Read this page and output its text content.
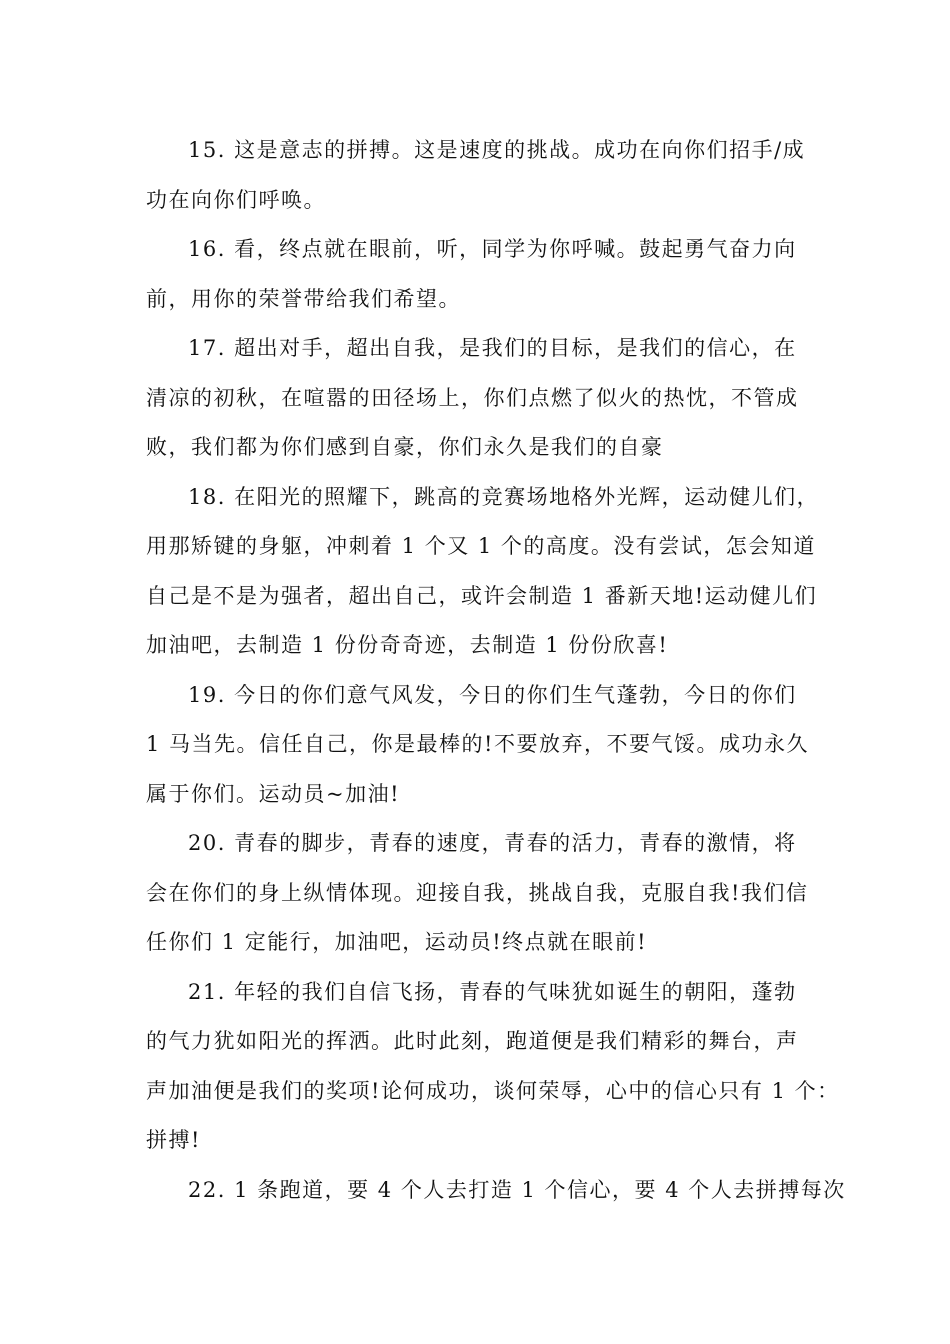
15. 这是意志的拼搏。这是速度的挑战。成功在向你们招手/成
功在向你们呼唤。

16. 看，终点就在眼前，听，同学为你呼喊。鼓起勇气奋力向
前，用你的荣誉带给我们希望。

17. 超出对手，超出自我，是我们的目标，是我们的信心，在
清凉的初秋，在喧嚣的田径场上，你们点燃了似火的热忱，不管成
败，我们都为你们感到自豪，你们永久是我们的自豪

18. 在阳光的照耀下，跳高的竞赛场地格外光辉，运动健儿们，
用那矫键的身躯，冲刺着 1 个又 1 个的高度。没有尝试，怎会知道
自己是不是为强者，超出自己，或许会制造 1 番新天地!运动健儿们
加油吧，去制造 1 份份奇奇迹，去制造 1 份份欣喜!

19. 今日的你们意气风发，今日的你们生气蓬勃，今日的你们
1 马当先。信任自己，你是最棒的!不要放弃，不要气馁。成功永久
属于你们。运动员~加油!

20. 青春的脚步，青春的速度，青春的活力，青春的激情，将
会在你们的身上纵情体现。迎接自我，挑战自我，克服自我!我们信
任你们 1 定能行，加油吧，运动员!终点就在眼前!

21. 年轻的我们自信飞扬，青春的气味犹如诞生的朝阳，蓬勃
的气力犹如阳光的挥洒。此时此刻，跑道便是我们精彩的舞台，声
声加油便是我们的奖项!论何成功，谈何荣辱，心中的信心只有 1 个：
拼搏!

22. 1 条跑道，要 4 个人去打造 1 个信心，要 4 个人去拼搏每次
